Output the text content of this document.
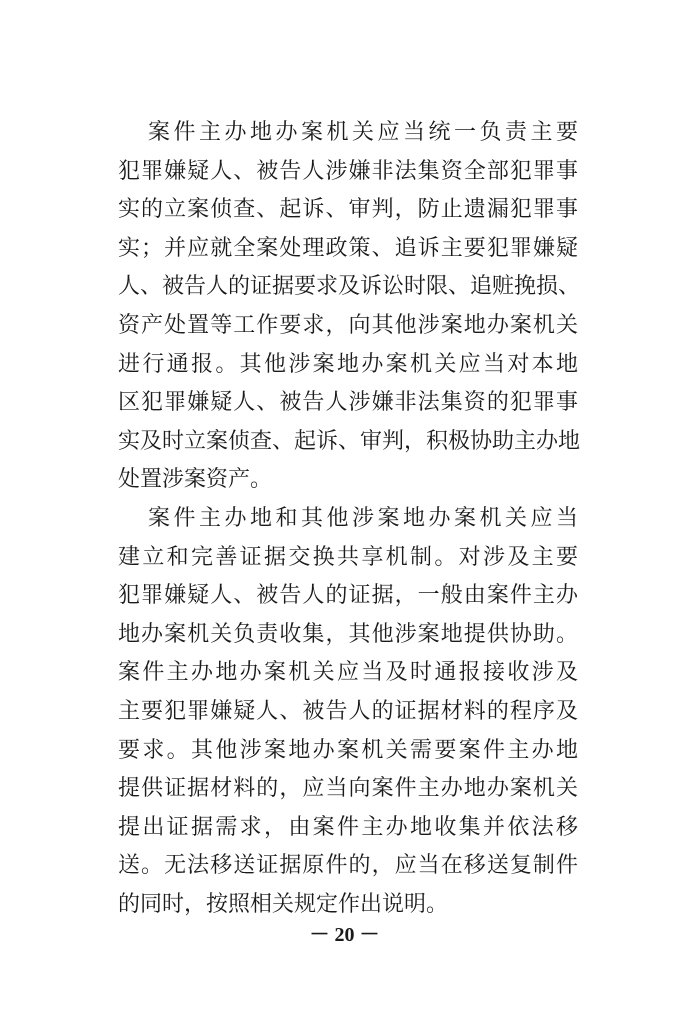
案件主办地办案机关应当统一负责主要
犯罪嫌疑人、被告人涉嫌非法集资全部犯罪事
实的立案侦查、起诉、审判，防止遗漏犯罪事
实；并应就全案处理政策、追诉主要犯罪嫌疑
人、被告人的证据要求及诉讼时限、追赃挽损、
资产处置等工作要求，向其他涉案地办案机关
进行通报。其他涉案地办案机关应当对本地
区犯罪嫌疑人、被告人涉嫌非法集资的犯罪事
实及时立案侦查、起诉、审判，积极协助主办地
处置涉案资产。
案件主办地和其他涉案地办案机关应当
建立和完善证据交换共享机制。对涉及主要
犯罪嫌疑人、被告人的证据，一般由案件主办
地办案机关负责收集，其他涉案地提供协助。
案件主办地办案机关应当及时通报接收涉及
主要犯罪嫌疑人、被告人的证据材料的程序及
要求。其他涉案地办案机关需要案件主办地
提供证据材料的，应当向案件主办地办案机关
提出证据需求，由案件主办地收集并依法移
送。无法移送证据原件的，应当在移送复制件
的同时，按照相关规定作出说明。
－ 20 －
